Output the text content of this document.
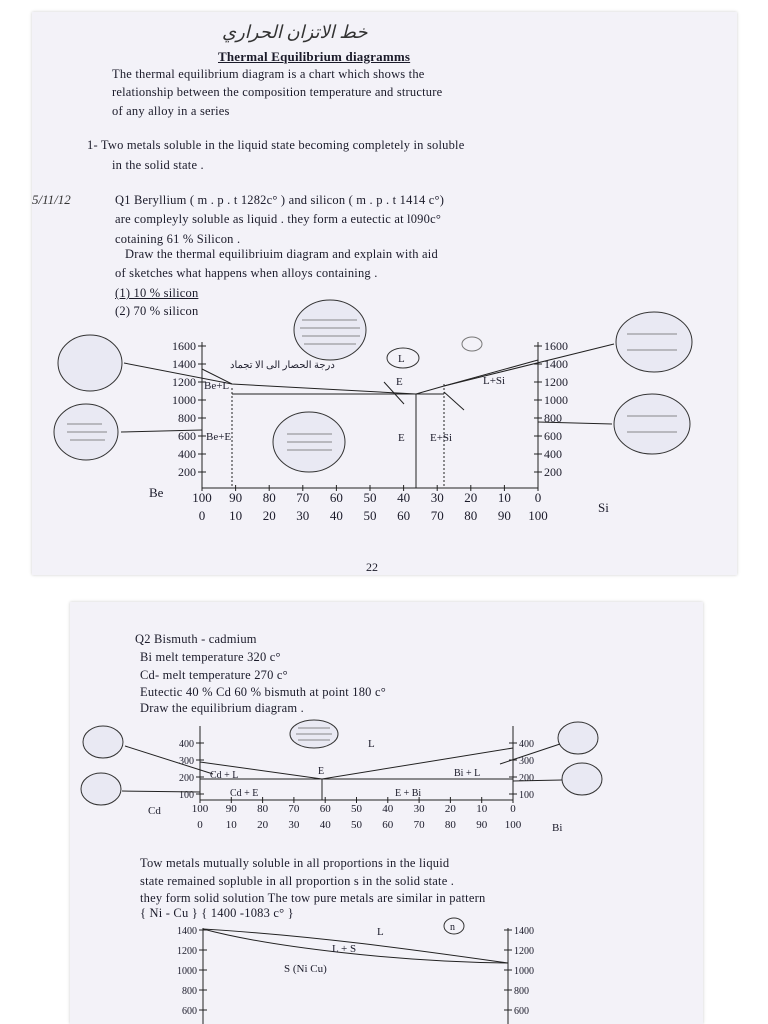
خط الاتزان الحراري
Thermal Equilibrium diagramms
The thermal equilibrium diagram is a chart which shows the
relationship between the composition temperature and structure
of any alloy in a series
1- Two metals soluble in the liquid state becoming completely in soluble
in the solid state .
5/11/12	Q1 Beryllium ( m . p . t 1282c° ) and silicon ( m . p . t 1414 c°)
are compleyly soluble as liquid . they form a eutectic at l090c°
cotaining 61 % Silicon .
Draw the thermal equilibriuim diagram and explain with aid
of sketches what happens when alloys containing .
(1) 10 % silicon
(2) 70 % silicon
1600
1400
1200
1000
800
600
400
200
1600
1400
1200
1000
800
600
400
200
100 90 80 70 60 50 40 30 20 10 0
0 10 20 30 40 50 60 70 80 90 100
L
Be+L	E	L+Si
Be+E	E E+Si
درجة الحصار الى الا تجماد
Be
Si
22
Q2 Bismuth - cadmium
Bi melt temperature 320 c°
Cd- melt temperature 270 c°
Eutectic 40 % Cd 60 % bismuth at point 180 c°
Draw the equilibrium diagram .
400
300
200
100
400
300
200
100
100 90 80 70 60 50 40 30 20 10 0
0 10 20 30 40 50 60 70 80 90 100
L
E
Cd + L	Bi + L
Cd + E	E + Bi
Cd
Bi
1400
1200
1000
800
600
1400
1200
1000
800
600
n
L
L + S
S (Ni Cu)
Tow metals mutually soluble in all proportions in the liquid
state remained sopluble in all proportion s in the solid state .
they form solid solution The tow pure metals are similar in pattern
{ Ni - Cu } { 1400 -1083 c° }
